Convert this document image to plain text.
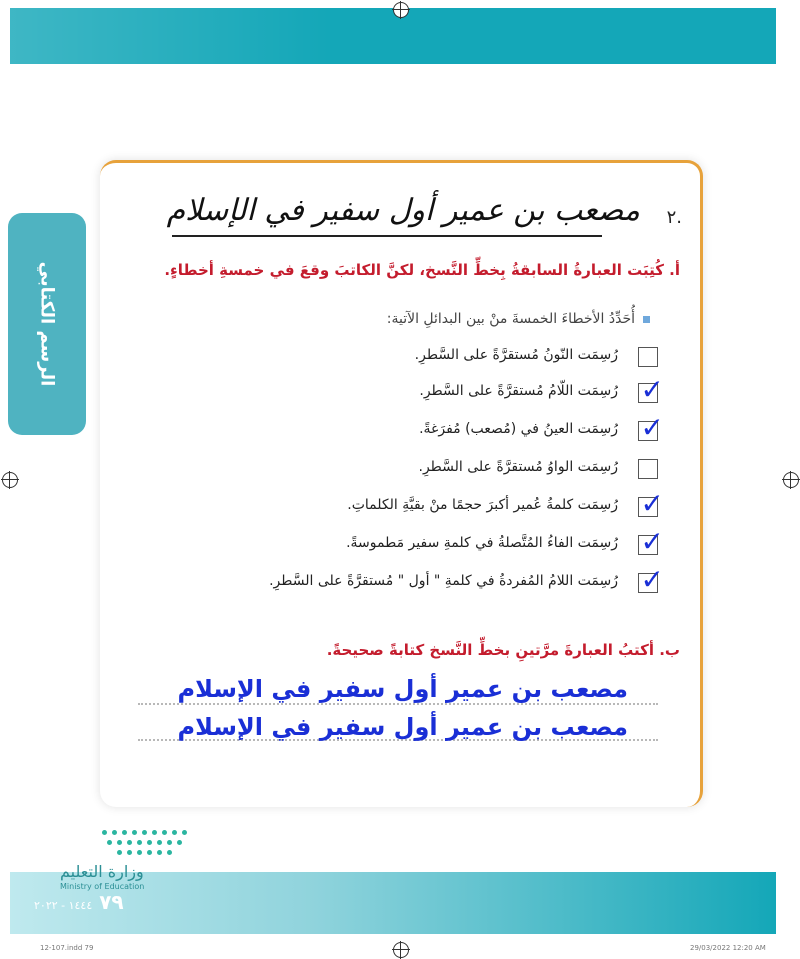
الرسم الكتابي
٢.
مصعب بن عمير أول سفير في الإسلام
أ. كُتِبَت العبارةُ السابقةُ بِخطِّ النَّسخ، لكنَّ الكاتبَ وقعَ في خمسةِ أخطاءٍ.
أُحَدِّدُ الأخطاءَ الخمسةَ منْ بين البدائلِ الآتية:
رُسِمَت النّونُ مُستقرَّةً على السَّطرِ.
✓
رُسِمَت اللّامُ مُستقرَّةً على السَّطرِ.
✓
رُسِمَت العينُ في (مُصعب) مُفرَغةً.
رُسِمَت الواوُ مُستقرَّةً على السَّطرِ.
✓
رُسِمَت كلمةُ عُمير أكبرَ حجمًا منْ بقيَّةِ الكلماتِ.
✓
رُسِمَت الفاءُ المُتَّصلةُ في كلمةِ سفير مَطموسةً.
✓
رُسِمَت اللامُ المُفردةُ في كلمةِ " أول " مُستقرَّةً على السَّطرِ.
ب. أكتبُ العبارةَ مرَّتينِ بخطِّ النَّسخ كتابةً صحيحةً.
مصعب بن عمير أول سفير في الإسلام
مصعب بن عمير أول سفير في الإسلام
وزارة التعليم
Ministry of Education
٧٩ ١٤٤٤ - ٢٠٢٢
12-107.indd 79	29/03/2022 12:20 AM
